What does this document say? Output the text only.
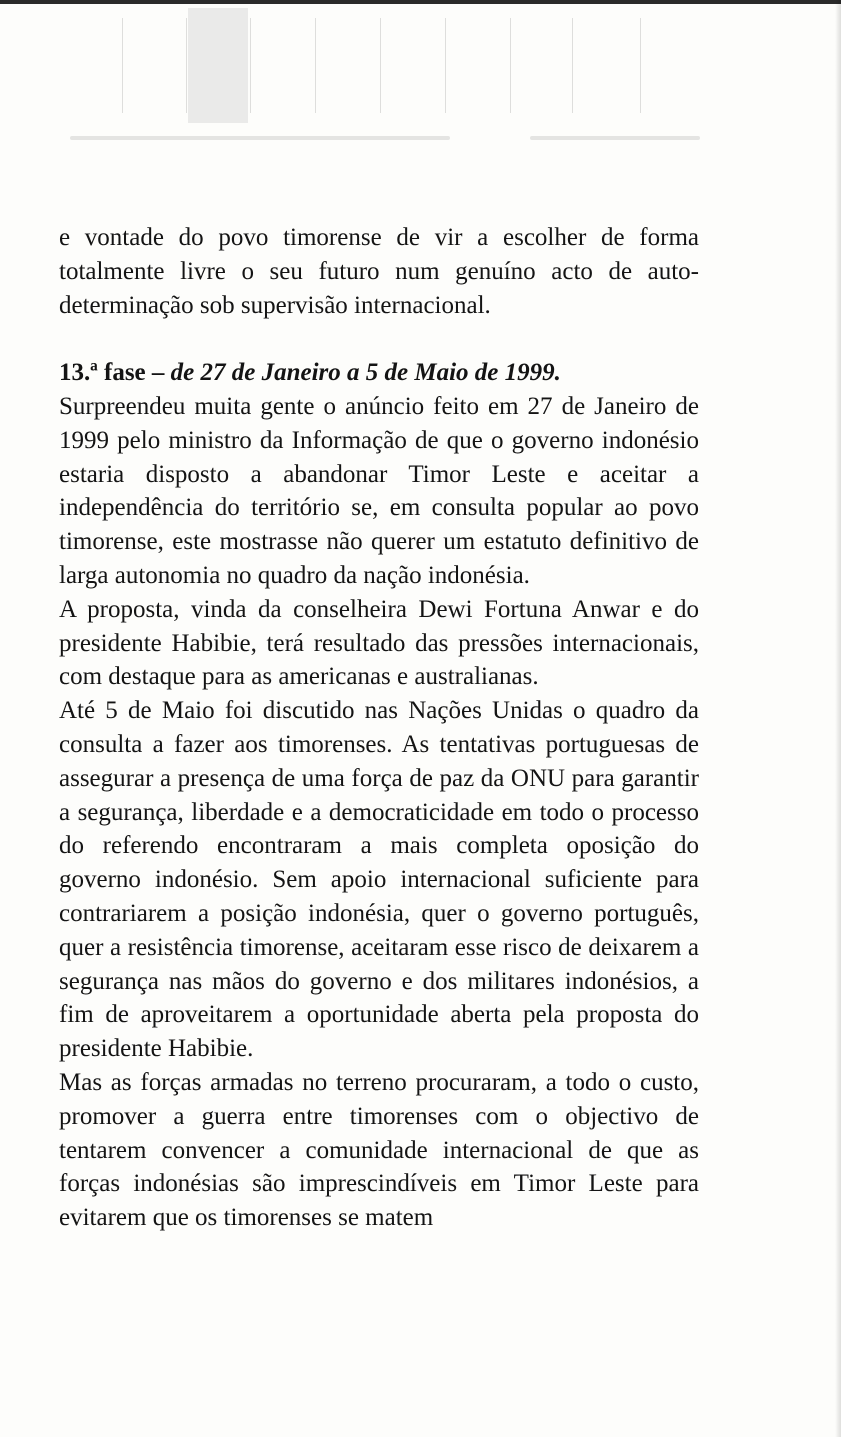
e vontade do povo timorense de vir a escolher de forma totalmente livre o seu futuro num genuíno acto de auto-determinação sob supervisão internacional.

13.ª fase – de 27 de Janeiro a 5 de Maio de 1999.

Surpreendeu muita gente o anúncio feito em 27 de Janeiro de 1999 pelo ministro da Informação de que o governo indonésio estaria disposto a abandonar Timor Leste e aceitar a independência do território se, em consulta popular ao povo timorense, este mostrasse não querer um estatuto definitivo de larga autonomia no quadro da nação indonésia.

A proposta, vinda da conselheira Dewi Fortuna Anwar e do presidente Habibie, terá resultado das pressões internacionais, com destaque para as americanas e australianas.

Até 5 de Maio foi discutido nas Nações Unidas o quadro da consulta a fazer aos timorenses. As tentativas portuguesas de assegurar a presença de uma força de paz da ONU para garantir a segurança, liberdade e a democraticidade em todo o processo do referendo encontraram a mais completa oposição do governo indonésio. Sem apoio internacional suficiente para contrariarem a posição indonésia, quer o governo português, quer a resistência timorense, aceitaram esse risco de deixarem a segurança nas mãos do governo e dos militares indonésios, a fim de aproveitarem a oportunidade aberta pela proposta do presidente Habibie.

Mas as forças armadas no terreno procuraram, a todo o custo, promover a guerra entre timorenses com o objectivo de tentarem convencer a comunidade internacional de que as forças indonésias são imprescindíveis em Timor Leste para evitarem que os timorenses se matem
